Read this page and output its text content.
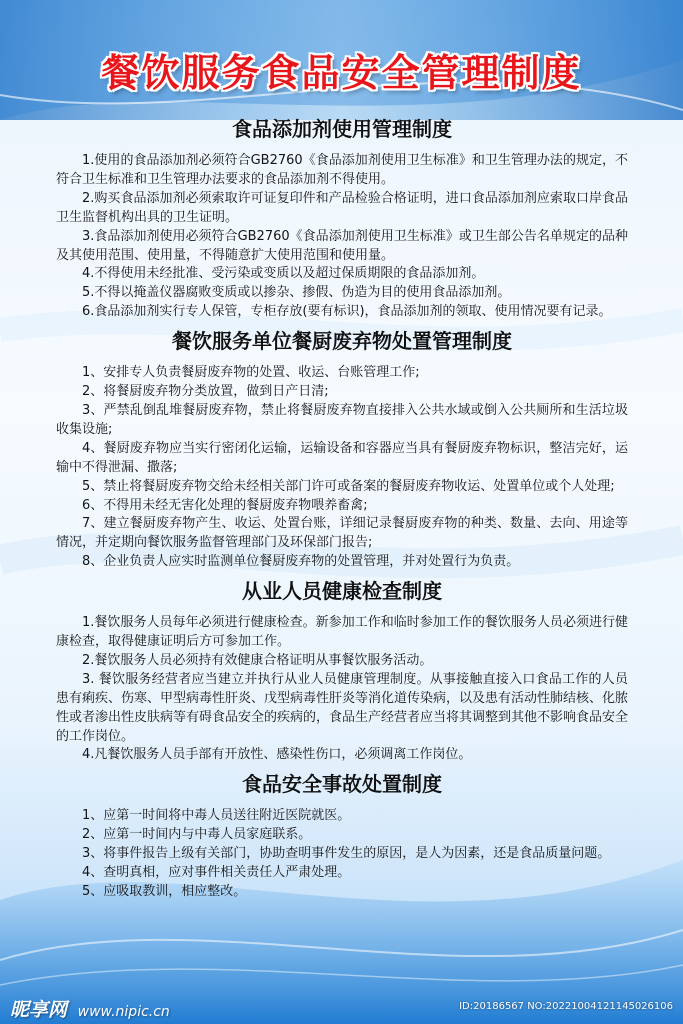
餐饮服务食品安全管理制度
食品添加剂使用管理制度

1.使用的食品添加剂必须符合GB2760《食品添加剂使用卫生标准》和卫生管理办法的规定，不符合卫生标准和卫生管理办法要求的食品添加剂不得使用。

2.购买食品添加剂必须索取许可证复印件和产品检验合格证明，进口食品添加剂应索取口岸食品卫生监督机构出具的卫生证明。

3.食品添加剂使用必须符合GB2760《食品添加剂使用卫生标准》或卫生部公告名单规定的品种及其使用范围、使用量，不得随意扩大使用范围和使用量。

4.不得使用未经批准、受污染或变质以及超过保质期限的食品添加剂。

5.不得以掩盖仪器腐败变质或以掺杂、掺假、伪造为目的使用食品添加剂。

6.食品添加剂实行专人保管，专柜存放(要有标识)，食品添加剂的领取、使用情况要有记录。

餐饮服务单位餐厨废弃物处置管理制度

1、安排专人负责餐厨废弃物的处置、收运、台账管理工作;

2、将餐厨废弃物分类放置，做到日产日清;

3、严禁乱倒乱堆餐厨废弃物，禁止将餐厨废弃物直接排入公共水域或倒入公共厕所和生活垃圾收集设施;

4、餐厨废弃物应当实行密闭化运输，运输设备和容器应当具有餐厨废弃物标识，整洁完好，运输中不得泄漏、撒落;

5、禁止将餐厨废弃物交给未经相关部门许可或备案的餐厨废弃物收运、处置单位或个人处理;

6、不得用未经无害化处理的餐厨废弃物喂养畜禽;

7、建立餐厨废弃物产生、收运、处置台账，详细记录餐厨废弃物的种类、数量、去向、用途等情况，并定期向餐饮服务监督管理部门及环保部门报告;

8、企业负责人应实时监测单位餐厨废弃物的处置管理，并对处置行为负责。

从业人员健康检查制度

1.餐饮服务人员每年必须进行健康检查。新参加工作和临时参加工作的餐饮服务人员必须进行健康检查，取得健康证明后方可参加工作。

2.餐饮服务人员必须持有效健康合格证明从事餐饮服务活动。

3. 餐饮服务经营者应当建立并执行从业人员健康管理制度。从事接触直接入口食品工作的人员患有痢疾、伤寒、甲型病毒性肝炎、戊型病毒性肝炎等消化道传染病，以及患有活动性肺结核、化脓性或者渗出性皮肤病等有碍食品安全的疾病的，食品生产经营者应当将其调整到其他不影响食品安全的工作岗位。

4.凡餐饮服务人员手部有开放性、感染性伤口，必须调离工作岗位。

食品安全事故处置制度

1、应第一时间将中毒人员送往附近医院就医。

2、应第一时间内与中毒人员家庭联系。

3、将事件报告上级有关部门，协助查明事件发生的原因，是人为因素，还是食品质量问题。

4、查明真相，应对事件相关责任人严肃处理。

5、应吸取教训，相应整改。

昵享网 www.nipic.cn	ID:20186567 NO:20221004121145026106
